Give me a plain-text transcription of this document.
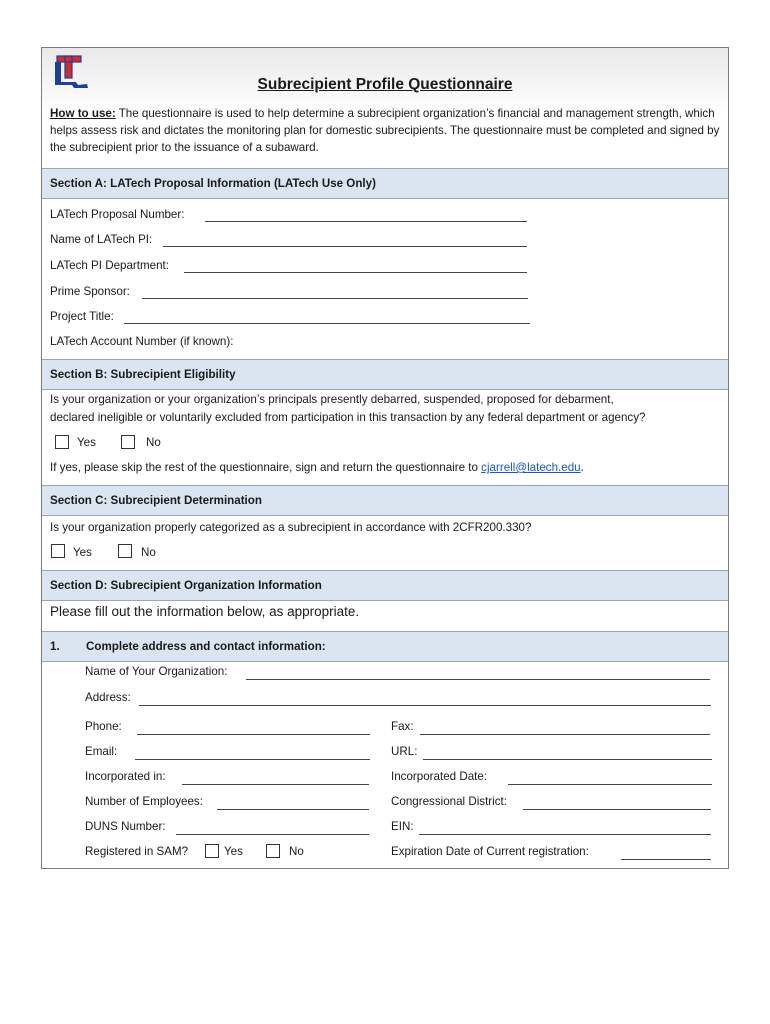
Subrecipient Profile Questionnaire
How to use: The questionnaire is used to help determine a subrecipient organization’s financial and management strength, which helps assess risk and dictates the monitoring plan for domestic subrecipients. The questionnaire must be completed and signed by the subrecipient prior to the issuance of a subaward.
Section A: LATech Proposal Information (LATech Use Only)
LATech Proposal Number:
Name of LATech PI:
LATech PI Department:
Prime Sponsor:
Project Title:
LATech Account Number (if known):
Section B: Subrecipient Eligibility
Is your organization or your organization’s principals presently debarred, suspended, proposed for debarment,
declared ineligible or voluntarily excluded from participation in this transaction by any federal department or agency?
Yes	No
If yes, please skip the rest of the questionnaire, sign and return the questionnaire to cjarrell@latech.edu.
Section C: Subrecipient Determination
Is your organization properly categorized as a subrecipient in accordance with 2CFR200.330?
Yes	No
Section D: Subrecipient Organization Information
Please fill out the information below, as appropriate.
1. Complete address and contact information:
Name of Your Organization:
Address:
Phone:	Fax:
Email:	URL:
Incorporated in:	Incorporated Date:
Number of Employees:	Congressional District:
DUNS Number:	EIN:
Registered in SAM?	Yes	No	Expiration Date of Current registration:
